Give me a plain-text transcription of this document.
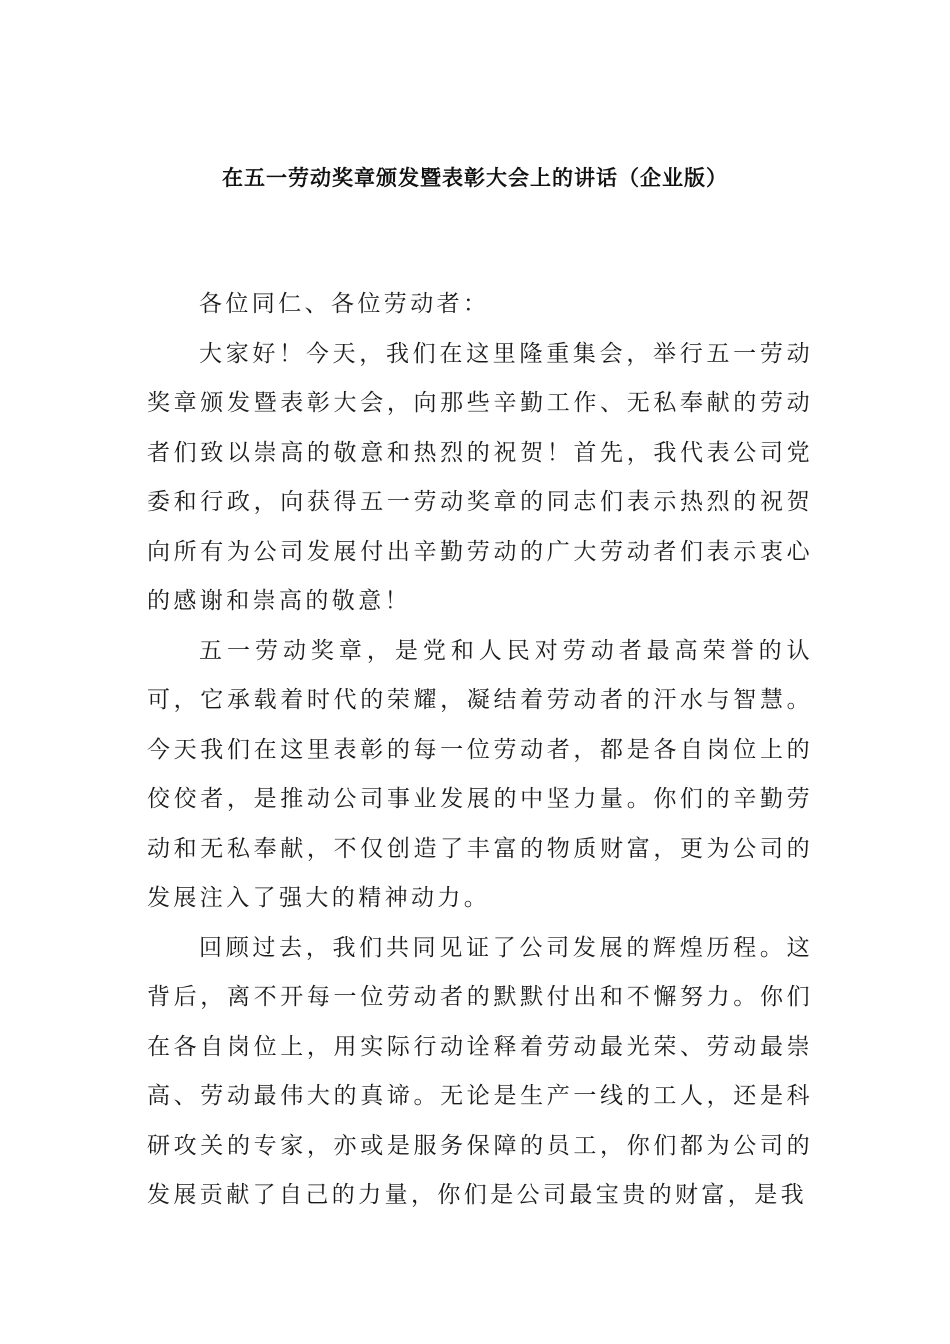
在五一劳动奖章颁发暨表彰大会上的讲话（企业版）

各位同仁、各位劳动者：

大家好！今天，我们在这里隆重集会，举行五一劳动奖章颁发暨表彰大会，向那些辛勤工作、无私奉献的劳动者们致以崇高的敬意和热烈的祝贺！首先，我代表公司党委和行政，向获得五一劳动奖章的同志们表示热烈的祝贺向所有为公司发展付出辛勤劳动的广大劳动者们表示衷心的感谢和崇高的敬意！

五一劳动奖章，是党和人民对劳动者最高荣誉的认可，它承载着时代的荣耀，凝结着劳动者的汗水与智慧。今天我们在这里表彰的每一位劳动者，都是各自岗位上的佼佼者，是推动公司事业发展的中坚力量。你们的辛勤劳动和无私奉献，不仅创造了丰富的物质财富，更为公司的发展注入了强大的精神动力。

回顾过去，我们共同见证了公司发展的辉煌历程。这背后，离不开每一位劳动者的默默付出和不懈努力。你们在各自岗位上，用实际行动诠释着劳动最光荣、劳动最崇高、劳动最伟大的真谛。无论是生产一线的工人，还是科研攻关的专家，亦或是服务保障的员工，你们都为公司的发展贡献了自己的力量，你们是公司最宝贵的财富，是我
